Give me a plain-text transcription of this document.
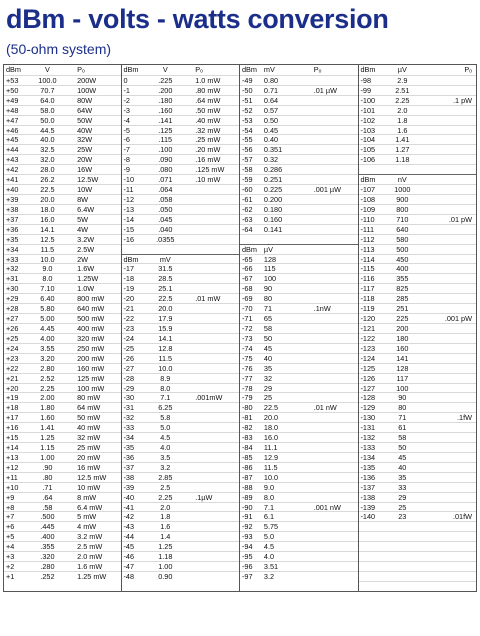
dBm - volts - watts conversion
(50-ohm system)
dBm	V	Pₒ
+53	100.0	200W
+50	70.7	100W
+49	64.0	80W
+48	58.0	64W
+47	50.0	50W
+46	44.5	40W
+45	40.0	32W
+44	32.5	25W
+43	32.0	20W
+42	28.0	16W
+41	26.2	12.5W
+40	22.5	10W
+39	20.0	8W
+38	18.0	6.4W
+37	16.0	5W
+36	14.1	4W
+35	12.5	3.2W
+34	11.5	2.5W
+33	10.0	2W
+32	9.0	1.6W
+31	8.0	1.25W
+30	7.10	1.0W
+29	6.40	800 mW
+28	5.80	640 mW
+27	5.00	500 mW
+26	4.45	400 mW
+25	4.00	320 mW
+24	3.55	250 mW
+23	3.20	200 mW
+22	2.80	160 mW
+21	2.52	125 mW
+20	2.25	100 mW
+19	2.00	80 mW
+18	1.80	64 mW
+17	1.60	50 mW
+16	1.41	40 mW
+15	1.25	32 mW
+14	1.15	25 mW
+13	1.00	20 mW
+12	.90	16 mW
+11	.80	12.5 mW
+10	.71	10 mW
+9	.64	8 mW
+8	.58	6.4 mW
+7	.500	5 mW
+6	.445	4 mW
+5	.400	3.2 mW
+4	.355	2.5 mW
+3	.320	2.0 mW
+2	.280	1.6 mW
+1	.252	1.25 mW
dBm	V	Pₒ
0	.225	1.0 mW
-1	.200	.80 mW
-2	.180	.64 mW
-3	.160	.50 mW
-4	.141	.40 mW
-5	.125	.32 mW
-6	.115	.25 mW
-7	.100	.20 mW
-8	.090	.16 mW
-9	.080	.125 mW
-10	.071	.10 mW
-11	.064
-12	.058
-13	.050
-14	.045
-15	.040
-16	.0355
dBm	mV
-17	31.5
-18	28.5
-19	25.1
-20	22.5	.01 mW
-21	20.0
-22	17.9
-23	15.9
-24	14.1
-25	12.8
-26	11.5
-27	10.0
-28	8.9
-29	8.0
-30	7.1	.001mW
-31	6.25
-32	5.8
-33	5.0
-34	4.5
-35	4.0
-36	3.5
-37	3.2
-38	2.85
-39	2.5
-40	2.25	.1µW
-41	2.0
-42	1.8
-43	1.6
-44	1.4
-45	1.25
-46	1.18
-47	1.00
-48	0.90
dBm mV	Pₒ
-49	0.80
-50	0.71	.01 µW
-51	0.64
-52	0.57
-53	0.50
-54	0.45
-55	0.40
-56	0.351
-57	0.32
-58	0.286
-59	0.251
-60	0.225	.001 µW
-61	0.200
-62	0.180
-63	0.160
-64	0.141
dBm µV
-65	128
-66	115
-67	100
-68	90
-69	80
-70	71	.1nW
-71	65
-72	58
-73	50
-74	45
-75	40
-76	35
-77	32
-78	29
-79	25
-80	22.5	.01 nW
-81	20.0
-82	18.0
-83	16.0
-84	11.1
-85	12.9
-86	11.5
-87	10.0
-88	9.0
-89	8.0
-90	7.1	.001 nW
-91	6.1
-92	5.75
-93	5.0
-94	4.5
-95	4.0
-96	3.51
-97	3.2
dBm	µV	Pₒ
-98	2.9
-99	2.51
-100	2.25	.1 pW
-101	2.0
-102	1.8
-103	1.6
-104	1.41
-105	1.27
-106	1.18
dBm	nV
-107	1000
-108	900
-109	800
-110	710	.01 pW
-111	640
-112	580
-113	500
-114	450
-115	400
-116	355
-117	825
-118	285
-119	251
-120	225	.001 pW
-121	200
-122	180
-123	160
-124	141
-125	128
-126	117
-127	100
-128	90
-129	80
-130	71	.1fW
-131	61
-132	58
-133	50
-134	45
-135	40
-136	35
-137	33
-138	29
-139	25
-140	23	.01fW
